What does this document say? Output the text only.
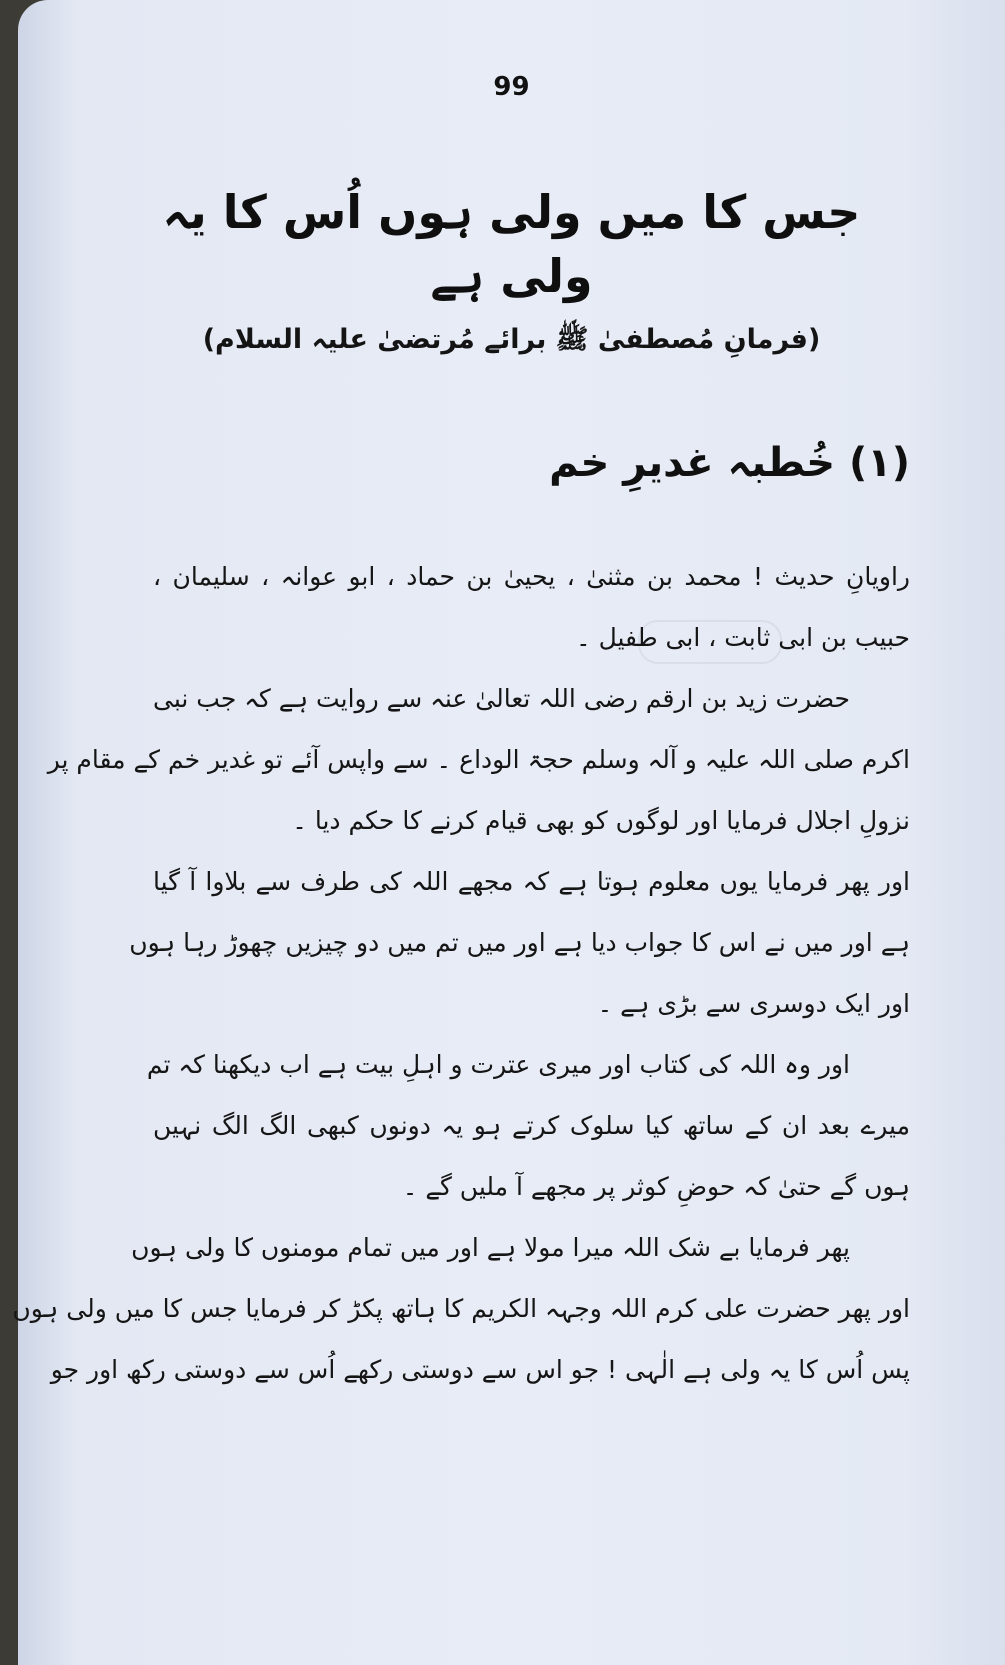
99
جس کا میں ولی ہوں اُس کا یہ ولی ہے
(فرمانِ مُصطفیٰ ﷺ برائے مُرتضیٰ علیہ السلام)
(۱) خُطبہ غدیرِ خم
راویانِ حدیث ! محمد بن مثنیٰ ، یحییٰ بن حماد ، ابو عوانہ ، سلیمان ،
حبیب بن ابی ثابت ، ابی طفیل ۔
حضرت زید بن ارقم رضی اللہ تعالیٰ عنہ سے روایت ہے کہ جب نبی
اکرم صلی اللہ علیہ و آلہ وسلم حجۃ الوداع ۔ سے واپس آئے تو غدیر خم کے مقام پر
نزولِ اجلال فرمایا اور لوگوں کو بھی قیام کرنے کا حکم دیا ۔
اور پھر فرمایا یوں معلوم ہوتا ہے کہ مجھے اللہ کی طرف سے بلاوا آ گیا
ہے اور میں نے اس کا جواب دیا ہے اور میں تم میں دو چیزیں چھوڑ رہا ہوں
اور ایک دوسری سے بڑی ہے ۔
اور وہ اللہ کی کتاب اور میری عترت و اہلِ بیت ہے اب دیکھنا کہ تم
میرے بعد ان کے ساتھ کیا سلوک کرتے ہو یہ دونوں کبھی الگ الگ نہیں
ہوں گے حتیٰ کہ حوضِ کوثر پر مجھے آ ملیں گے ۔
پھر فرمایا بے شک اللہ میرا مولا ہے اور میں تمام مومنوں کا ولی ہوں
اور پھر حضرت علی کرم اللہ وجہہ الکریم کا ہاتھ پکڑ کر فرمایا جس کا میں ولی ہوں
پس اُس کا یہ ولی ہے الٰہی ! جو اس سے دوستی رکھے اُس سے دوستی رکھ اور جو
